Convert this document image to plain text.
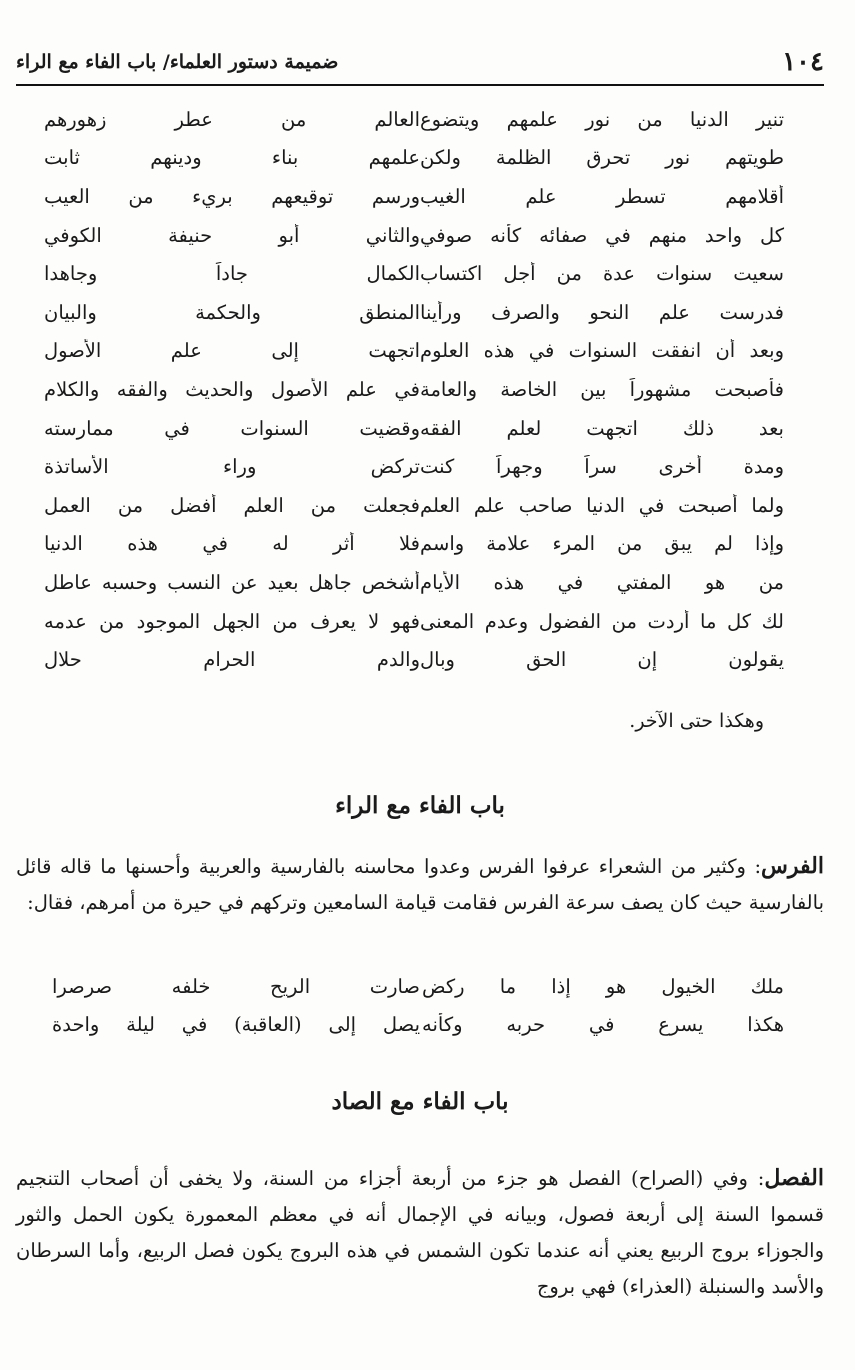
١٠٤
ضميمة دستور العلماء/ باب الفاء مع الراء
تنير الدنيا من نور علمهم ويتضوع
العالم من عطر زهورهم
طويتهم نور تحرق الظلمة ولكن
علمهم بناء ودينهم ثابت
أقلامهم تسطر علم الغيب
ورسم توقيعهم بريء من العيب
كل واحد منهم في صفائه كأنه صوفي
والثاني أبو حنيفة الكوفي
سعيت سنوات عدة من أجل اكتساب
الكمال جاداً وجاهدا
فدرست علم النحو والصرف ورأينا
المنطق والحكمة والبيان
وبعد أن انفقت السنوات في هذه العلوم
اتجهت إلى علم الأصول
فأصبحت مشهوراً بين الخاصة والعامة
في علم الأصول والحديث والفقه والكلام
بعد ذلك اتجهت لعلم الفقه
وقضيت السنوات في ممارسته
ومدة أخرى سراً وجهراً كنت
تركض وراء الأساتذة
ولما أصبحت في الدنيا صاحب علم العلم
فجعلت من العلم أفضل من العمل
وإذا لم يبق من المرء علامة واسم
فلا أثر له في هذه الدنيا
من هو المفتي في هذه الأيام
أشخص جاهل بعيد عن النسب وحسبه عاطل
لك كل ما أردت من الفضول وعدم المعنى
فهو لا يعرف من الجهل الموجود من عدمه
يقولون إن الحق وبال
والدم الحرام حلال
وهكذا حتى الآخر.
باب الفاء مع الراء
الفرس: وكثير من الشعراء عرفوا الفرس وعدوا محاسنه بالفارسية والعربية وأحسنها ما قاله قائل بالفارسية حيث كان يصف سرعة الفرس فقامت قيامة السامعين وتركهم في حيرة من أمرهم، فقال:
ملك الخيول هو إذا ما ركض
صارت الريح خلفه صرصرا
هكذا يسرع في حربه وكأنه
يصل إلى (العاقبة) في ليلة واحدة
باب الفاء مع الصاد
الفصل: وفي (الصراح) الفصل هو جزء من أربعة أجزاء من السنة، ولا يخفى أن أصحاب التنجيم قسموا السنة إلى أربعة فصول، وبيانه في الإجمال أنه في معظم المعمورة يكون الحمل والثور والجوزاء بروج الربيع يعني أنه عندما تكون الشمس في هذه البروج يكون فصل الربيع، وأما السرطان والأسد والسنبلة (العذراء) فهي بروج
